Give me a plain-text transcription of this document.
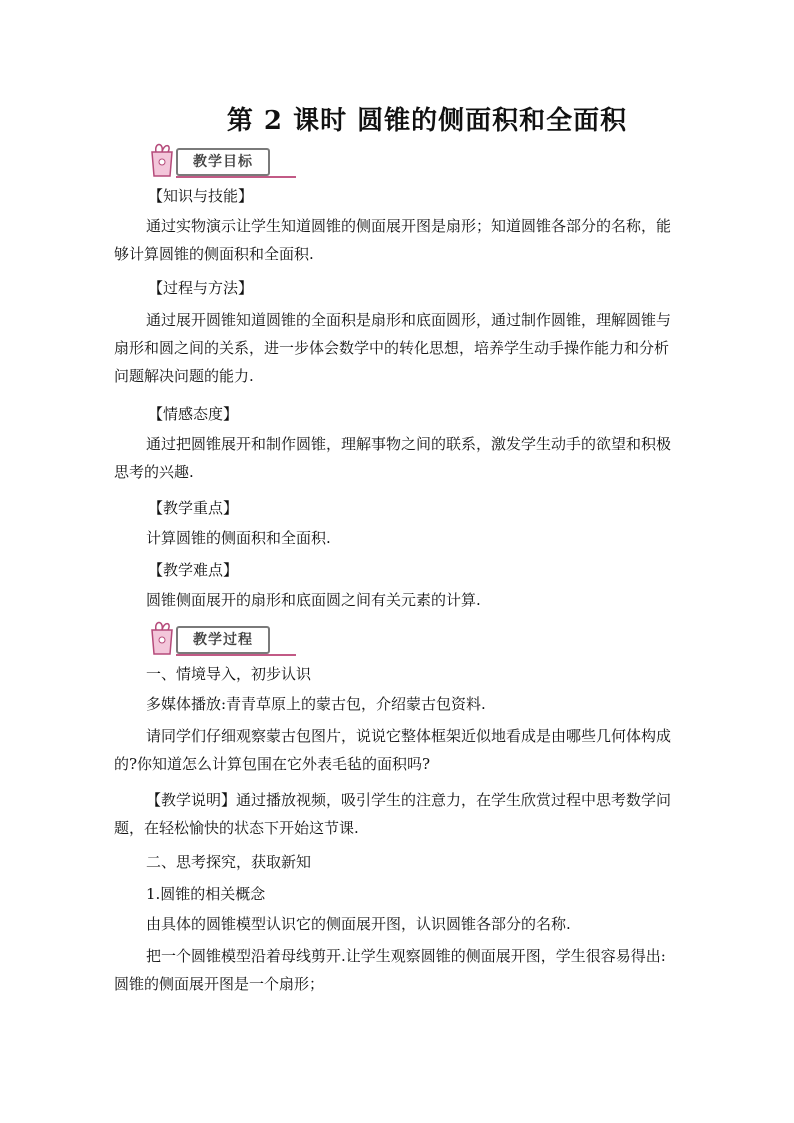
第 2 课时 圆锥的侧面积和全面积
教学目标

【知识与技能】

通过实物演示让学生知道圆锥的侧面展开图是扇形；知道圆锥各部分的名称，能够计算圆锥的侧面积和全面积.

【过程与方法】

通过展开圆锥知道圆锥的全面积是扇形和底面圆形，通过制作圆锥，理解圆锥与扇形和圆之间的关系，进一步体会数学中的转化思想，培养学生动手操作能力和分析问题解决问题的能力.

【情感态度】

通过把圆锥展开和制作圆锥，理解事物之间的联系，激发学生动手的欲望和积极思考的兴趣.

【教学重点】

计算圆锥的侧面积和全面积.

【教学难点】

圆锥侧面展开的扇形和底面圆之间有关元素的计算.

教学过程

一、情境导入，初步认识

多媒体播放:青青草原上的蒙古包，介绍蒙古包资料.

请同学们仔细观察蒙古包图片，说说它整体框架近似地看成是由哪些几何体构成的?你知道怎么计算包围在它外表毛毡的面积吗?

【教学说明】通过播放视频，吸引学生的注意力，在学生欣赏过程中思考数学问题，在轻松愉快的状态下开始这节课.

二、思考探究，获取新知

1.圆锥的相关概念

由具体的圆锥模型认识它的侧面展开图，认识圆锥各部分的名称.

把一个圆锥模型沿着母线剪开.让学生观察圆锥的侧面展开图，学生很容易得出:圆锥的侧面展开图是一个扇形；
